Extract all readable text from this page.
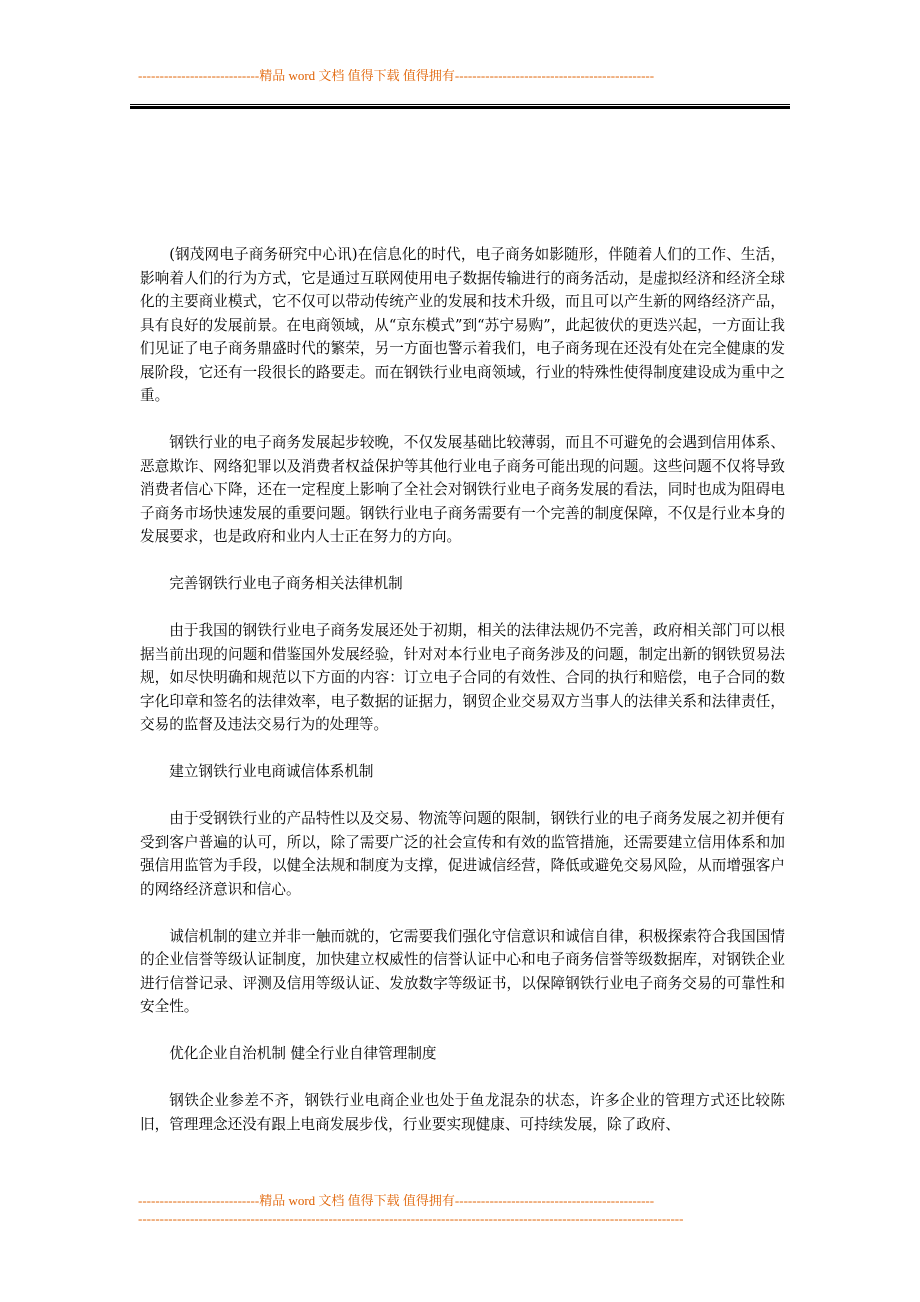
----------------------------精品 word 文档 值得下载 值得拥有----------------------------------------------

(钢茂网电子商务研究中心讯)在信息化的时代，电子商务如影随形，伴随着人们的工作、生活，影响着人们的行为方式，它是通过互联网使用电子数据传输进行的商务活动，是虚拟经济和经济全球化的主要商业模式，它不仅可以带动传统产业的发展和技术升级，而且可以产生新的网络经济产品，具有良好的发展前景。在电商领域，从“京东模式”到“苏宁易购”，此起彼伏的更迭兴起，一方面让我们见证了电子商务鼎盛时代的繁荣，另一方面也警示着我们，电子商务现在还没有处在完全健康的发展阶段，它还有一段很长的路要走。而在钢铁行业电商领域，行业的特殊性使得制度建设成为重中之重。

钢铁行业的电子商务发展起步较晚，不仅发展基础比较薄弱，而且不可避免的会遇到信用体系、恶意欺诈、网络犯罪以及消费者权益保护等其他行业电子商务可能出现的问题。这些问题不仅将导致消费者信心下降，还在一定程度上影响了全社会对钢铁行业电子商务发展的看法，同时也成为阻碍电子商务市场快速发展的重要问题。钢铁行业电子商务需要有一个完善的制度保障，不仅是行业本身的发展要求，也是政府和业内人士正在努力的方向。

完善钢铁行业电子商务相关法律机制

由于我国的钢铁行业电子商务发展还处于初期，相关的法律法规仍不完善，政府相关部门可以根据当前出现的问题和借鉴国外发展经验，针对对本行业电子商务涉及的问题，制定出新的钢铁贸易法规，如尽快明确和规范以下方面的内容：订立电子合同的有效性、合同的执行和赔偿，电子合同的数字化印章和签名的法律效率，电子数据的证据力，钢贸企业交易双方当事人的法律关系和法律责任，交易的监督及违法交易行为的处理等。

建立钢铁行业电商诚信体系机制

由于受钢铁行业的产品特性以及交易、物流等问题的限制，钢铁行业的电子商务发展之初并便有受到客户普遍的认可，所以，除了需要广泛的社会宣传和有效的监管措施，还需要建立信用体系和加强信用监管为手段，以健全法规和制度为支撑，促进诚信经营，降低或避免交易风险，从而增强客户的网络经济意识和信心。

诚信机制的建立并非一触而就的，它需要我们强化守信意识和诚信自律，积极探索符合我国国情的企业信誉等级认证制度，加快建立权威性的信誉认证中心和电子商务信誉等级数据库，对钢铁企业进行信誉记录、评测及信用等级认证、发放数字等级证书，以保障钢铁行业电子商务交易的可靠性和安全性。

优化企业自治机制 健全行业自律管理制度

钢铁企业参差不齐，钢铁行业电商企业也处于鱼龙混杂的状态，许多企业的管理方式还比较陈旧，管理理念还没有跟上电商发展步伐，行业要实现健康、可持续发展，除了政府、

----------------------------精品 word 文档 值得下载 值得拥有----------------------------------------------
------------------------------------------------------------------------------------------------------------------------------
